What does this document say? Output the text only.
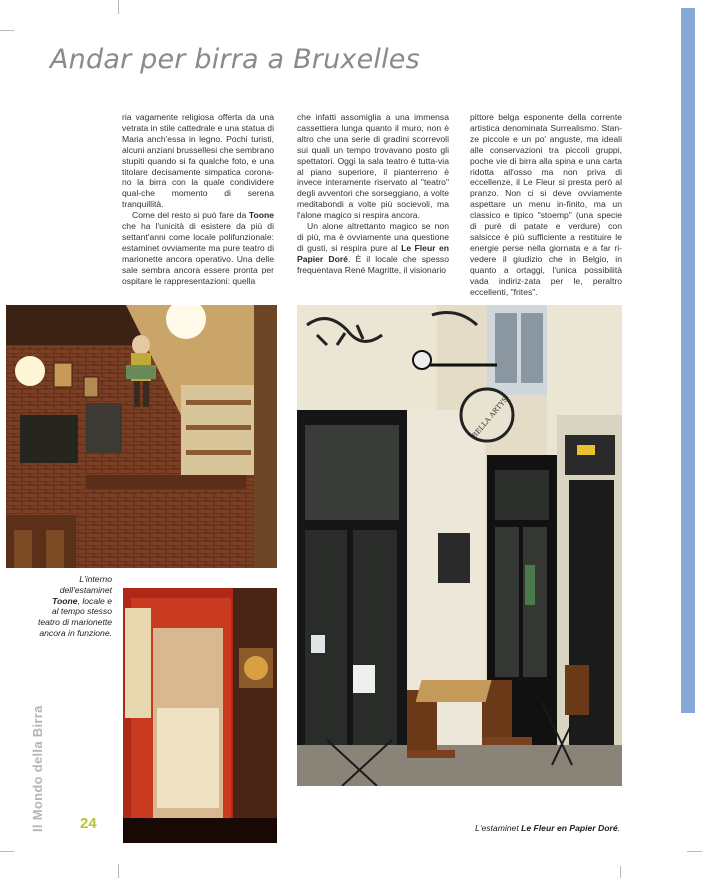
Andar per birra a Bruxelles

ria vagamente religiosa offerta da una vetrata in stile cattedrale e una statua di Maria anch'essa in legno. Pochi turisti, alcuni anziani brussellesi che sembrano stupiti quando si fa qualche foto, e una titolare decisamente simpatica corona-no la birra con la quale condividere qual-che momento di serena tranquillità.

Come del resto si può fare da Toone che ha l'unicità di esistere da più di settant'anni come locale polifunzionale: estaminet ovviamente ma pure teatro di marionette ancora operativo. Una delle sale sembra ancora essere pronta per ospitare le rappresentazioni: quella

che infatti assomiglia a una immensa cassettiera lunga quanto il muro, non è altro che una serie di gradini scorrevoli sui quali un tempo trovavano posto gli spettatori. Oggi la sala teatro è tutta-via al piano superiore, il pianterreno è invece interamente riservato al "teatro" degli avventori che sorseggiano, a volte meditabondi a volte più socievoli, ma l'alone magico si respira ancora.

Un alone altrettanto magico se non di più, ma è ovviamente una questione di gusti, si respira pure al Le Fleur en Papier Doré. È il locale che spesso frequentava René Magritte, il visionario

pittore belga esponente della corrente artistica denominata Surrealismo. Stan-ze piccole e un po' anguste, ma ideali alle conservazioni tra piccoli gruppi, poche vie di birra alla spina e una carta ridotta all'osso ma non priva di eccellenze, il Le Fleur si presta però al pranzo. Non ci si deve ovviamente aspettare un menu in-finito, ma un classico e tipico "stoemp" (una specie di purè di patate e verdure) con salsicce è più sufficiente a restituire le energie perse nella giornata e a far ri-vedere il giudizio che in Belgio, in quanto a ortaggi, l'unica possibilità vada indiriz-zata per le, peraltro eccellenti, "frites".

BELLA ARTYS
L'interno
dell'estaminet
Toone, locale e
al tempo stesso
teatro di marionette
ancora in funzione.
L'estaminet Le Fleur en Papier Doré.
Il Mondo della Birra 24
